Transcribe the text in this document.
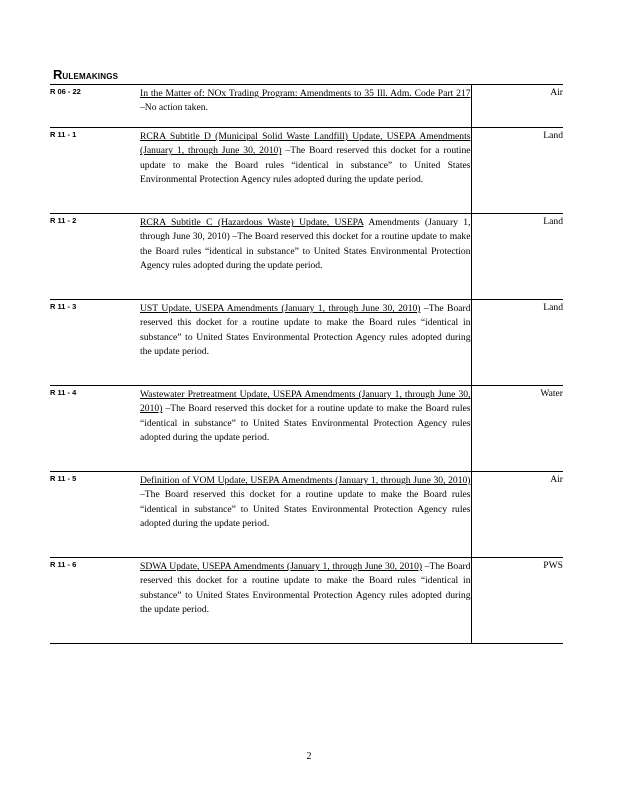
RULEMAKINGS
R 06 - 22	In the Matter of: NOx Trading Program: Amendments to 35 Ill. Adm. Code Part 217 –No action taken.	Air
R 11 - 1	RCRA Subtitle D (Municipal Solid Waste Landfill) Update, USEPA Amendments (January 1, through June 30, 2010) –The Board reserved this docket for a routine update to make the Board rules “identical in substance” to United States Environmental Protection Agency rules adopted during the update period.	Land
R 11 - 2	RCRA Subtitle C (Hazardous Waste) Update, USEPA Amendments (January 1, through June 30, 2010) –The Board reserved this docket for a routine update to make the Board rules “identical in substance” to United States Environmental Protection Agency rules adopted during the update period.	Land
R 11 - 3	UST Update, USEPA Amendments (January 1, through June 30, 2010) –The Board reserved this docket for a routine update to make the Board rules “identical in substance” to United States Environmental Protection Agency rules adopted during the update period.	Land
R 11 - 4	Wastewater Pretreatment Update, USEPA Amendments (January 1, through June 30, 2010) –The Board reserved this docket for a routine update to make the Board rules “identical in substance” to United States Environmental Protection Agency rules adopted during the update period.	Water
R 11 - 5	Definition of VOM Update, USEPA Amendments (January 1, through June 30, 2010) –The Board reserved this docket for a routine update to make the Board rules “identical in substance” to United States Environmental Protection Agency rules adopted during the update period.	Air
R 11 - 6	SDWA Update, USEPA Amendments (January 1, through June 30, 2010) –The Board reserved this docket for a routine update to make the Board rules “identical in substance” to United States Environmental Protection Agency rules adopted during the update period.	PWS
2
